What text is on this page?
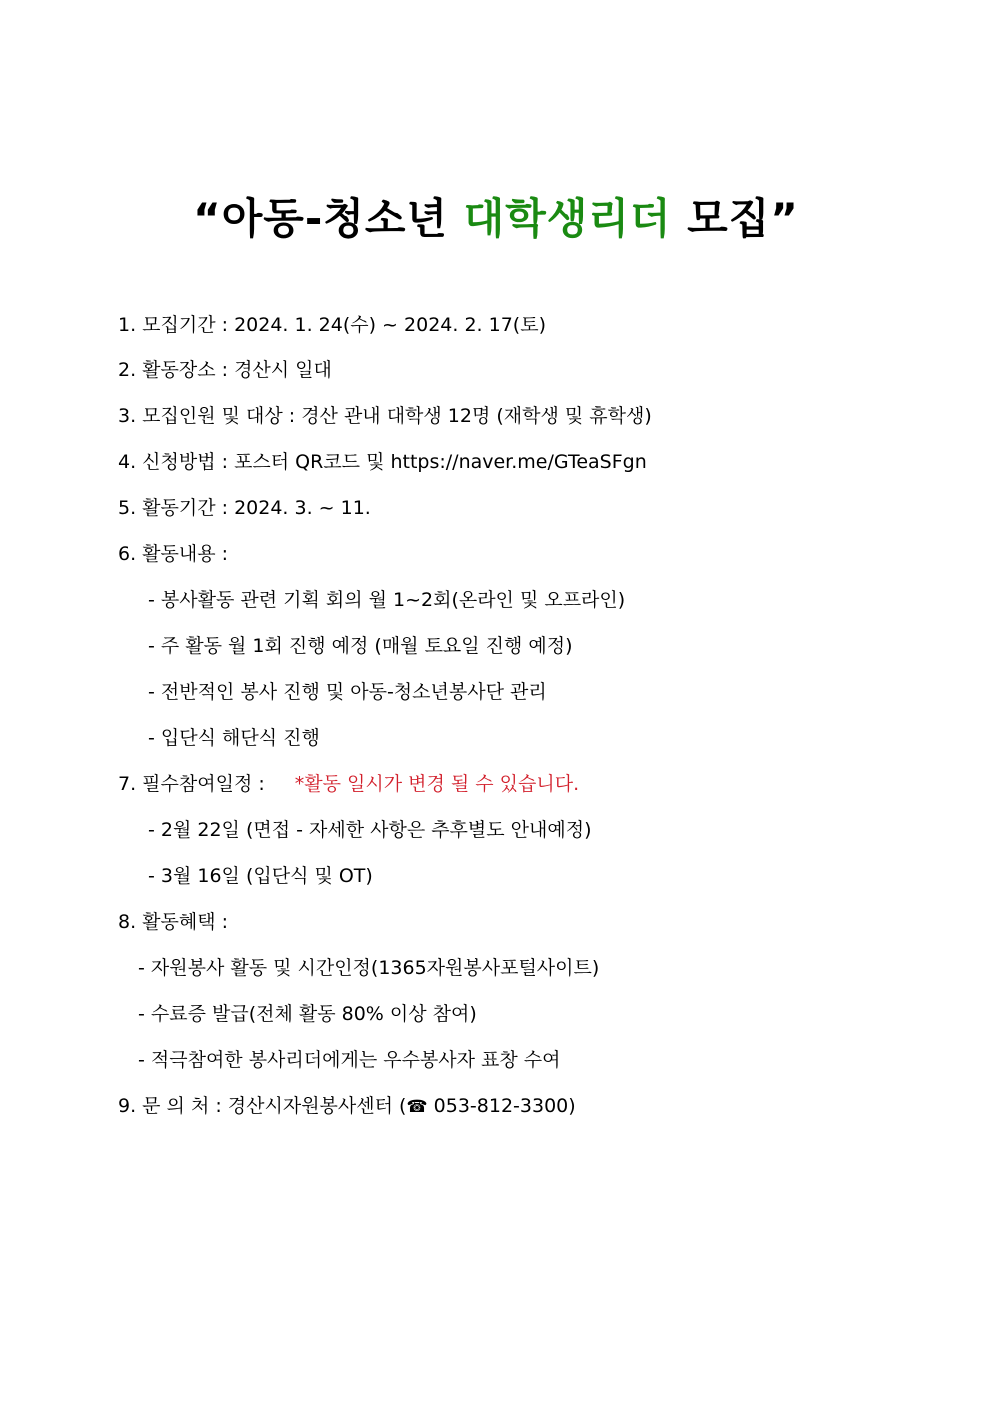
“아동-청소년 대학생리더 모집”
1. 모집기간 : 2024. 1. 24(수) ~ 2024. 2. 17(토)
2. 활동장소 : 경산시 일대
3. 모집인원 및 대상 : 경산 관내 대학생 12명 (재학생 및 휴학생)
4. 신청방법 : 포스터 QR코드 및 https://naver.me/GTeaSFgn
5. 활동기간 : 2024. 3. ~ 11.
6. 활동내용 :
- 봉사활동 관련 기획 회의 월 1~2회(온라인 및 오프라인)
- 주 활동 월 1회 진행 예정 (매월 토요일 진행 예정)
- 전반적인 봉사 진행 및 아동-청소년봉사단 관리
- 입단식 해단식 진행
7. 필수참여일정 : *활동 일시가 변경 될 수 있습니다.
- 2월 22일 (면접 - 자세한 사항은 추후별도 안내예정)
- 3월 16일 (입단식 및 OT)
8. 활동혜택 :
- 자원봉사 활동 및 시간인정(1365자원봉사포털사이트)
- 수료증 발급(전체 활동 80% 이상 참여)
- 적극참여한 봉사리더에게는 우수봉사자 표창 수여
9. 문 의 처 : 경산시자원봉사센터 (☎ 053-812-3300)
